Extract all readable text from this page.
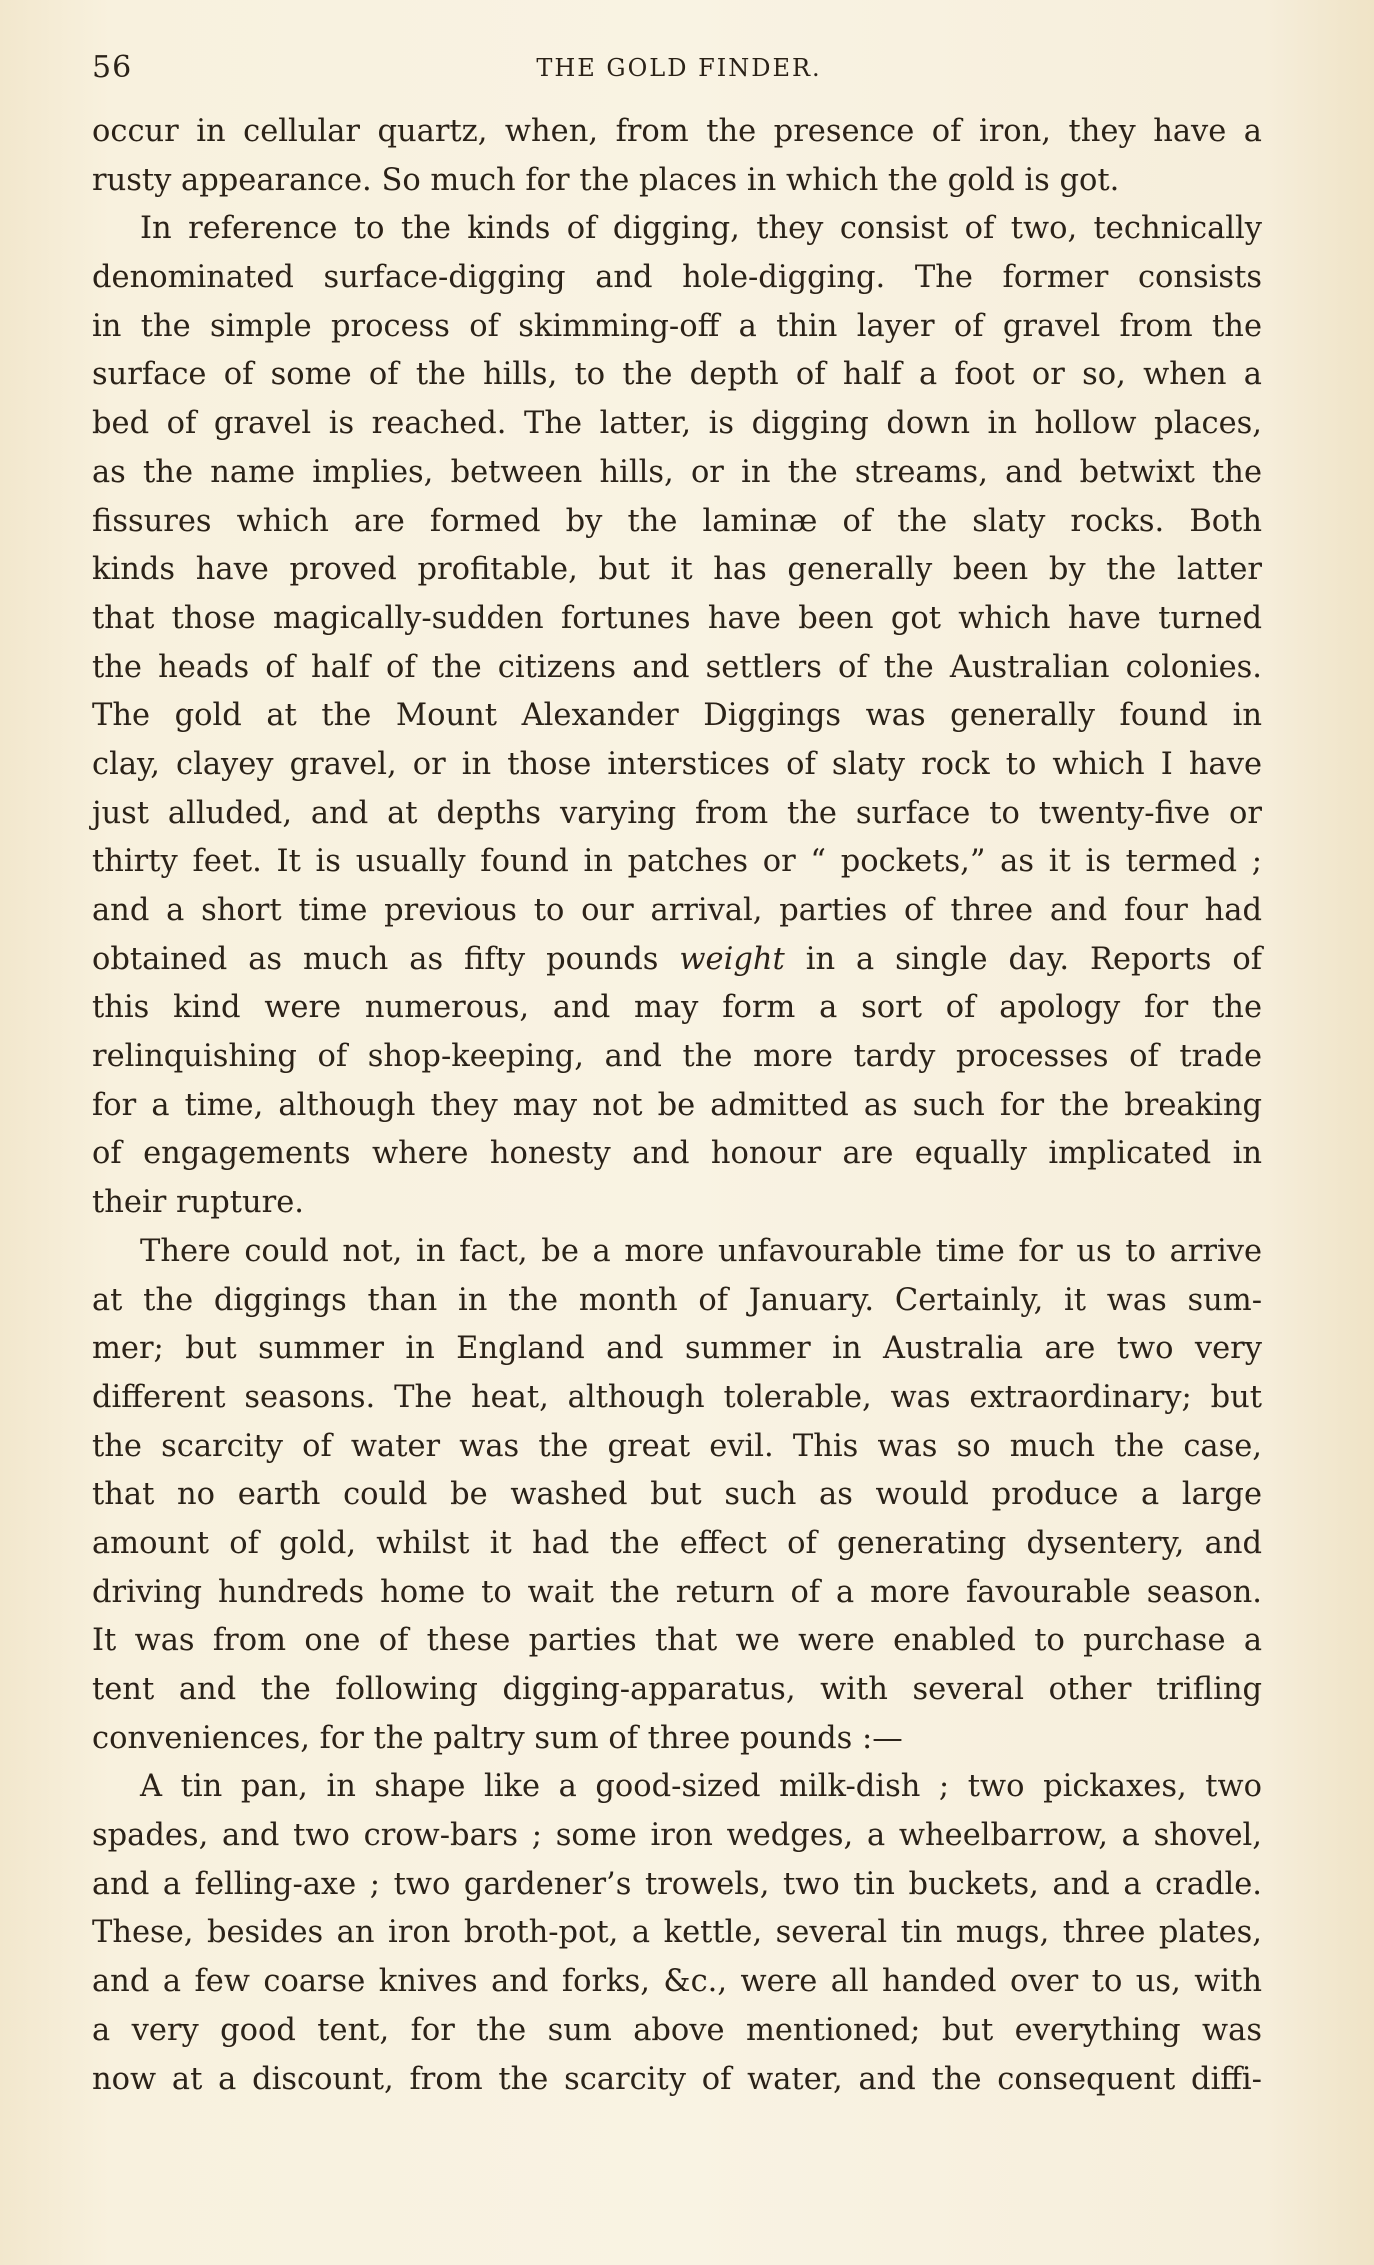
56	THE GOLD FINDER.
occur in cellular quartz, when, from the presence of iron, they have a
rusty appearance. So much for the places in which the gold is got.
In reference to the kinds of digging, they consist of two, technically
denominated surface-digging and hole-digging. The former consists
in the simple process of skimming-off a thin layer of gravel from the
surface of some of the hills, to the depth of half a foot or so, when a
bed of gravel is reached. The latter, is digging down in hollow places,
as the name implies, between hills, or in the streams, and betwixt the
fissures which are formed by the laminæ of the slaty rocks. Both
kinds have proved profitable, but it has generally been by the latter
that those magically-sudden fortunes have been got which have turned
the heads of half of the citizens and settlers of the Australian colonies.
The gold at the Mount Alexander Diggings was generally found in
clay, clayey gravel, or in those interstices of slaty rock to which I have
just alluded, and at depths varying from the surface to twenty-five or
thirty feet. It is usually found in patches or “ pockets,” as it is termed ;
and a short time previous to our arrival, parties of three and four had
obtained as much as fifty pounds weight in a single day. Reports of
this kind were numerous, and may form a sort of apology for the
relinquishing of shop-keeping, and the more tardy processes of trade
for a time, although they may not be admitted as such for the breaking
of engagements where honesty and honour are equally implicated in
their rupture.
There could not, in fact, be a more unfavourable time for us to arrive
at the diggings than in the month of January. Certainly, it was sum-
mer; but summer in England and summer in Australia are two very
different seasons. The heat, although tolerable, was extraordinary; but
the scarcity of water was the great evil. This was so much the case,
that no earth could be washed but such as would produce a large
amount of gold, whilst it had the effect of generating dysentery, and
driving hundreds home to wait the return of a more favourable season.
It was from one of these parties that we were enabled to purchase a
tent and the following digging-apparatus, with several other trifling
conveniences, for the paltry sum of three pounds :—
A tin pan, in shape like a good-sized milk-dish ; two pickaxes, two
spades, and two crow-bars ; some iron wedges, a wheelbarrow, a shovel,
and a felling-axe ; two gardener’s trowels, two tin buckets, and a cradle.
These, besides an iron broth-pot, a kettle, several tin mugs, three plates,
and a few coarse knives and forks, &c., were all handed over to us, with
a very good tent, for the sum above mentioned; but everything was
now at a discount, from the scarcity of water, and the consequent diffi-
